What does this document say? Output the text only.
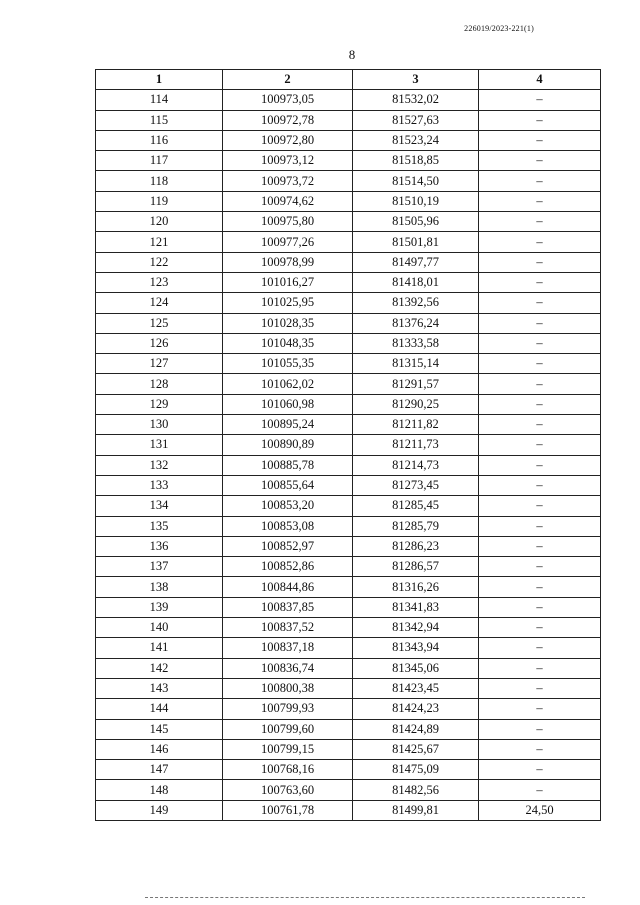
226019/2023-221(1)
8
1	2	3	4
114	100973,05	81532,02	–
115	100972,78	81527,63	–
116	100972,80	81523,24	–
117	100973,12	81518,85	–
118	100973,72	81514,50	–
119	100974,62	81510,19	–
120	100975,80	81505,96	–
121	100977,26	81501,81	–
122	100978,99	81497,77	–
123	101016,27	81418,01	–
124	101025,95	81392,56	–
125	101028,35	81376,24	–
126	101048,35	81333,58	–
127	101055,35	81315,14	–
128	101062,02	81291,57	–
129	101060,98	81290,25	–
130	100895,24	81211,82	–
131	100890,89	81211,73	–
132	100885,78	81214,73	–
133	100855,64	81273,45	–
134	100853,20	81285,45	–
135	100853,08	81285,79	–
136	100852,97	81286,23	–
137	100852,86	81286,57	–
138	100844,86	81316,26	–
139	100837,85	81341,83	–
140	100837,52	81342,94	–
141	100837,18	81343,94	–
142	100836,74	81345,06	–
143	100800,38	81423,45	–
144	100799,93	81424,23	–
145	100799,60	81424,89	–
146	100799,15	81425,67	–
147	100768,16	81475,09	–
148	100763,60	81482,56	–
149	100761,78	81499,81	24,50
